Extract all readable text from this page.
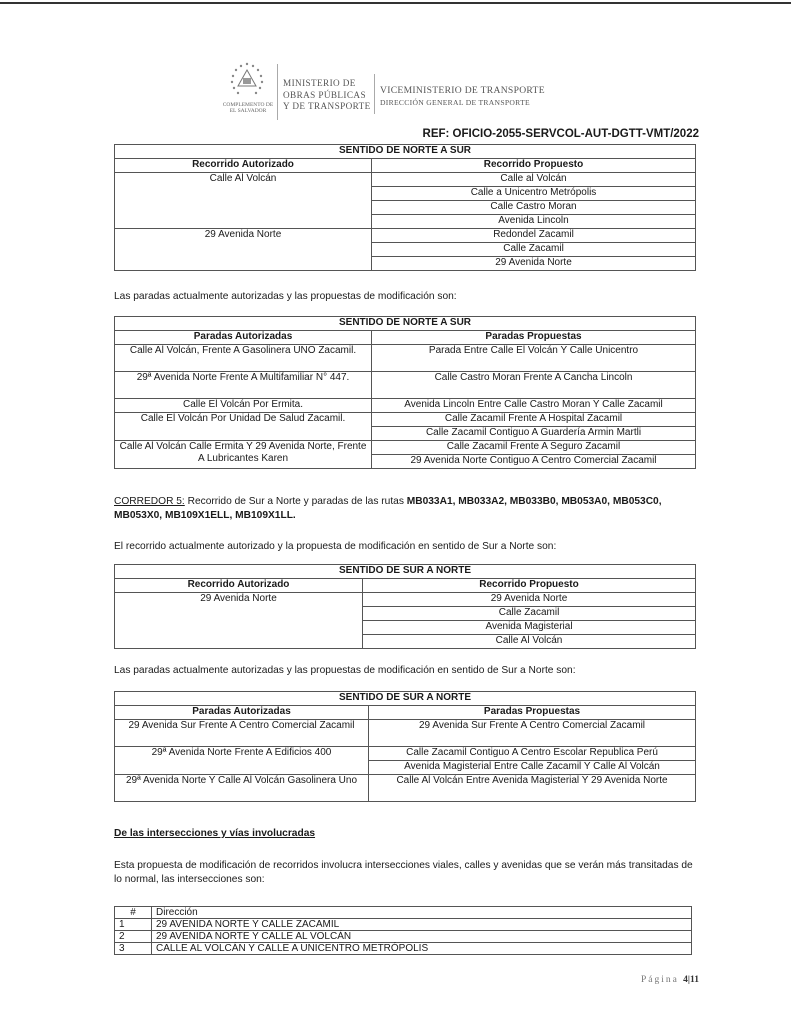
COMPLEMENTO DE
EL SALVADOR
MINISTERIO DE
OBRAS PÚBLICAS
Y DE TRANSPORTE
VICEMINISTERIO DE TRANSPORTE
DIRECCIÓN GENERAL DE TRANSPORTE
REF: OFICIO-2055-SERVCOL-AUT-DGTT-VMT/2022
SENTIDO DE NORTE A SUR	
Recorrido Autorizado	Recorrido Propuesto
Calle Al Volcán	Calle al Volcán
	Calle a Unicentro Metrópolis
	Calle Castro Moran
	Avenida Lincoln
29 Avenida Norte	Redondel Zacamil
	Calle Zacamil
	29 Avenida Norte

Las paradas actualmente autorizadas y las propuestas de modificación son:

SENTIDO DE NORTE A SUR	
Paradas Autorizadas	Paradas Propuestas
Calle Al Volcán, Frente A Gasolinera UNO Zacamil.	Parada Entre Calle El Volcán Y Calle Unicentro
29ª Avenida Norte Frente A Multifamiliar N° 447.	Calle Castro Moran Frente A Cancha Lincoln
Calle El Volcán Por Ermita.	Avenida Lincoln Entre Calle Castro Moran Y Calle Zacamil
Calle El Volcán Por Unidad De Salud Zacamil.	Calle Zacamil Frente A Hospital Zacamil
	Calle Zacamil Contiguo A Guardería Armin Martli
Calle Al Volcán Calle Ermita Y 29 Avenida Norte, Frente A Lubricantes Karen	Calle Zacamil Frente A Seguro Zacamil
	29 Avenida Norte Contiguo A Centro Comercial Zacamil

CORREDOR 5: Recorrido de Sur a Norte y paradas de las rutas MB033A1, MB033A2, MB033B0, MB053A0, MB053C0, MB053X0, MB109X1ELL, MB109X1LL.

El recorrido actualmente autorizado y la propuesta de modificación en sentido de Sur a Norte son:

SENTIDO DE SUR A NORTE	
Recorrido Autorizado	Recorrido Propuesto
29 Avenida Norte	29 Avenida Norte
	Calle Zacamil
	Avenida Magisterial
	Calle Al Volcán

Las paradas actualmente autorizadas y las propuestas de modificación en sentido de Sur a Norte son:

SENTIDO DE SUR A NORTE	
Paradas Autorizadas	Paradas Propuestas
29 Avenida Sur Frente A Centro Comercial Zacamil	29 Avenida Sur Frente A Centro Comercial Zacamil
29ª Avenida Norte Frente A Edificios 400	Calle Zacamil Contiguo A Centro Escolar Republica Perú
	Avenida Magisterial Entre Calle Zacamil Y Calle Al Volcán
29ª Avenida Norte Y Calle Al Volcán Gasolinera Uno	Calle Al Volcán Entre Avenida Magisterial Y 29 Avenida Norte
De las intersecciones y vías involucradas

Esta propuesta de modificación de recorridos involucra intersecciones viales, calles y avenidas que se verán más transitadas de lo normal, las intersecciones son:

#	Dirección
1	29 AVENIDA NORTE Y CALLE ZACAMIL
2	29 AVENIDA NORTE Y CALLE AL VOLCÁN
3	CALLE AL VOLCÁN Y CALLE A UNICENTRO METRÓPOLIS
Página 4|11
